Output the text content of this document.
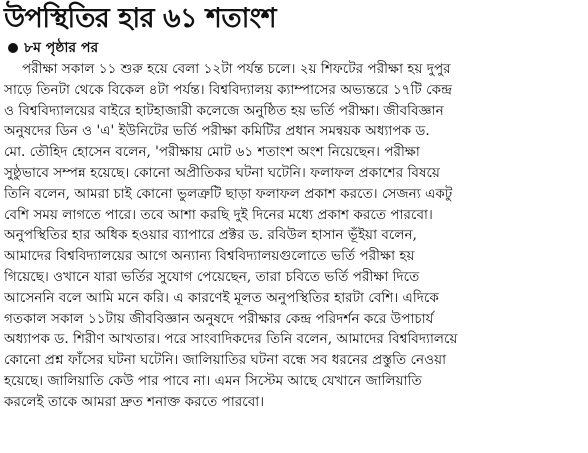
উপস্থিতির হার ৬১ শতাংশ
৮ম পৃষ্ঠার পর
পরীক্ষা সকাল ১১ শুরু হয়ে বেলা ১২টা পর্যন্ত চলে। ২য় শিফটের পরীক্ষা হয় দুপুর
সাড়ে তিনটা থেকে বিকেল ৪টা পর্যন্ত। বিশ্ববিদ্যালয় ক্যাম্পাসের অভ্যন্তরে ১৭টি কেন্দ্র
ও বিশ্ববিদ্যালয়ের বাইরে হাটহাজারী কলেজে অনুষ্ঠিত হয় ভর্তি পরীক্ষা। জীববিজ্ঞান
অনুষদের ডিন ও 'এ' ইউনিটের ভর্তি পরীক্ষা কমিটির প্রধান সমন্বয়ক অধ্যাপক ড.
মো. তৌহিদ হোসেন বলেন, 'পরীক্ষায় মোট ৬১ শতাংশ অংশ নিয়েছেন। পরীক্ষা
সুষ্ঠুভাবে সম্পন্ন হয়েছে। কোনো অপ্রীতিকর ঘটনা ঘটেনি। ফলাফল প্রকাশের বিষয়ে
তিনি বলেন, আমরা চাই কোনো ভুলত্রুটি ছাড়া ফলাফল প্রকাশ করতে। সেজন্য একটু
বেশি সময় লাগতে পারে। তবে আশা করছি দুই দিনের মধ্যে প্রকাশ করতে পারবো।
অনুপস্থিতির হার অধিক হওয়ার ব্যাপারে প্রক্টর ড. রবিউল হাসান ভূঁইয়া বলেন,
আমাদের বিশ্ববিদ্যালয়ের আগে অন্যান্য বিশ্ববিদ্যালয়গুলোতে ভর্তি পরীক্ষা হয়
গিয়েছে। ওখানে যারা ভর্তির সুযোগ পেয়েছেন, তারা চবিতে ভর্তি পরীক্ষা দিতে
আসেননি বলে আমি মনে করি। এ কারণেই মূলত অনুপস্থিতির হারটা বেশি। এদিকে
গতকাল সকাল ১১টায় জীববিজ্ঞান অনুষদে পরীক্ষার কেন্দ্র পরিদর্শন করে উপাচার্য
অধ্যাপক ড. শিরীণ আখতার। পরে সাংবাদিকদের তিনি বলেন, আমাদের বিশ্ববিদ্যালয়ে
কোনো প্রশ্ন ফাঁসের ঘটনা ঘটেনি। জালিয়াতির ঘটনা বন্ধে সব ধরনের প্রস্তুতি নেওয়া
হয়েছে। জালিয়াতি কেউ পার পাবে না। এমন সিস্টেম আছে যেখানে জালিয়াতি
করলেই তাকে আমরা দ্রুত শনাক্ত করতে পারবো।
